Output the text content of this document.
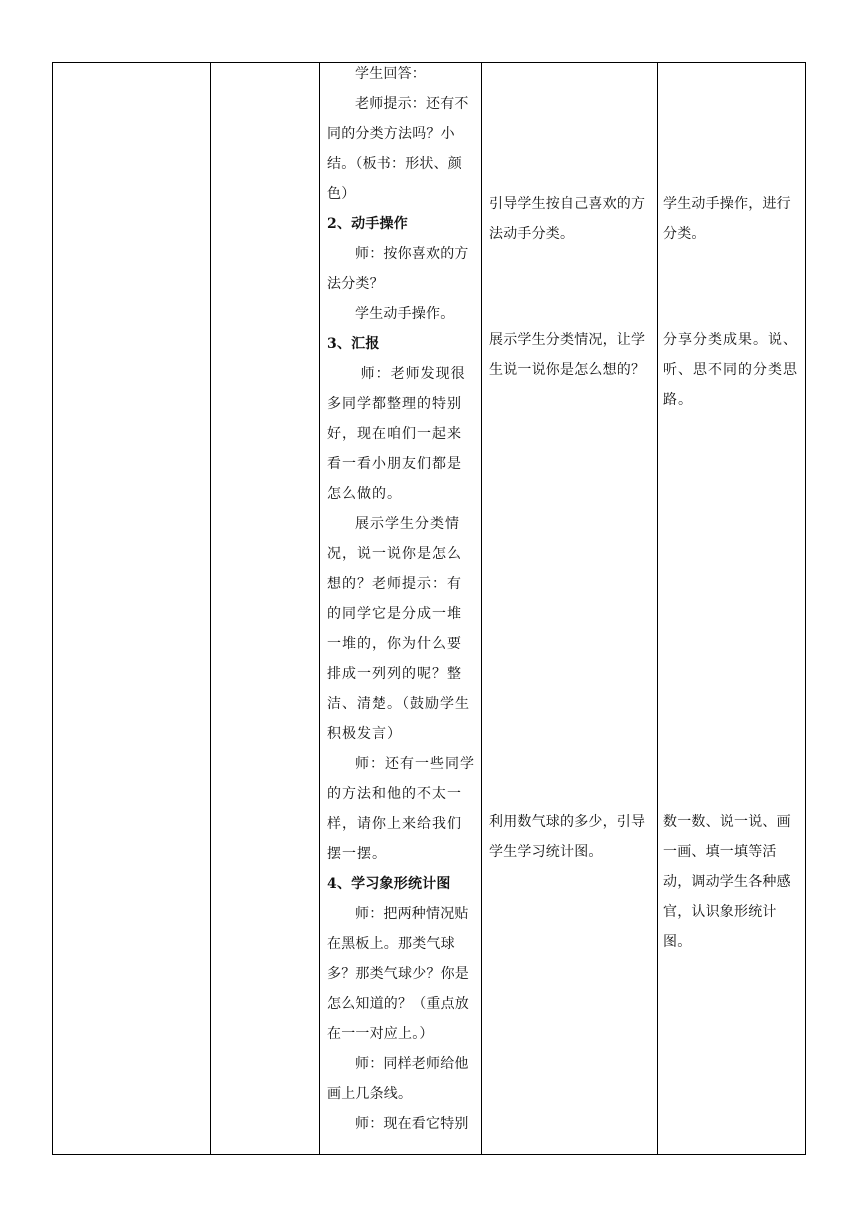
学生回答：

老师提示：还有不同的分类方法吗？小结。（板书：形状、颜色）

2、动手操作

师：按你喜欢的方法分类？

学生动手操作。

3、汇报

师：老师发现很多同学都整理的特别好，现在咱们一起来看一看小朋友们都是怎么做的。

展示学生分类情况，说一说你是怎么想的？老师提示：有的同学它是分成一堆一堆的，你为什么要排成一列列的呢？整洁、清楚。（鼓励学生积极发言）

师：还有一些同学的方法和他的不太一样，请你上来给我们摆一摆。

4、学习象形统计图

师：把两种情况贴在黑板上。那类气球多？那类气球少？你是怎么知道的？（重点放在一一对应上。）

师：同样老师给他画上几条线。

师：现在看它特别

引导学生按自己喜欢的方法动手分类。
展示学生分类情况，让学生说一说你是怎么想的？
利用数气球的多少，引导学生学习统计图。
学生动手操作，进行分类。
分享分类成果。说、听、思不同的分类思路。
数一数、说一说、画一画、填一填等活动，调动学生各种感官，认识象形统计图。
